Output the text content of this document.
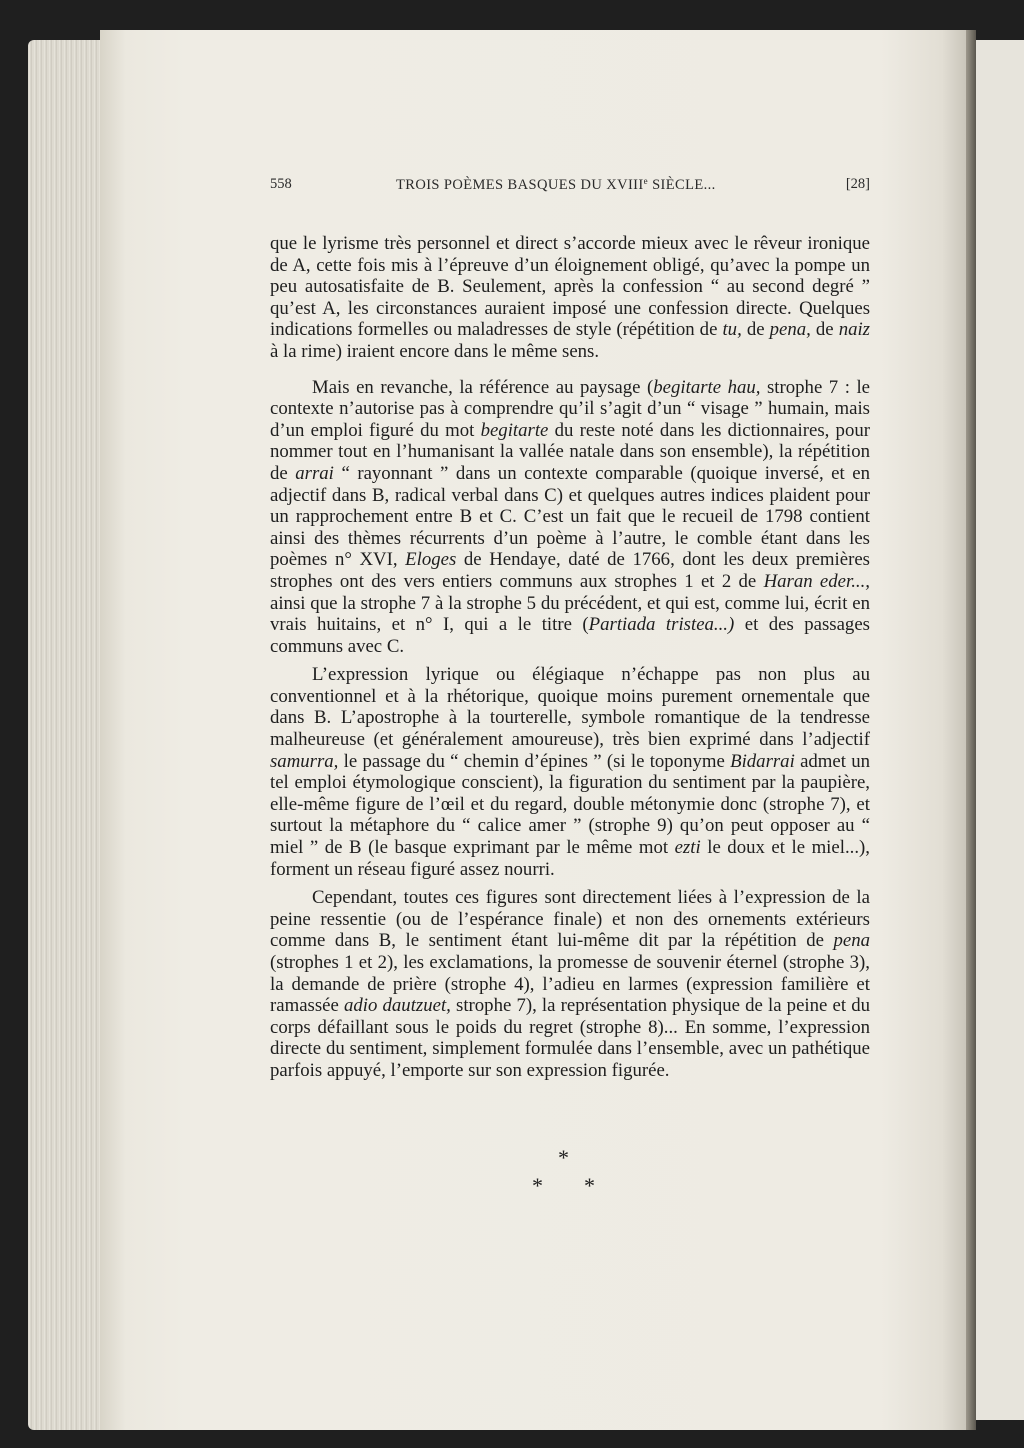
558	TROIS POÈMES BASQUES DU XVIIIe SIÈCLE...	[28]

que le lyrisme très personnel et direct s’accorde mieux avec le rêveur ironique de A, cette fois mis à l’épreuve d’un éloignement obligé, qu’avec la pompe un peu autosatisfaite de B. Seulement, après la confession “ au second degré ” qu’est A, les circonstances auraient imposé une confession directe. Quelques indications formelles ou maladresses de style (répétition de tu, de pena, de naiz à la rime) iraient encore dans le même sens.

Mais en revanche, la référence au paysage (begitarte hau, strophe 7 : le contexte n’autorise pas à comprendre qu’il s’agit d’un “ visage ” humain, mais d’un emploi figuré du mot begitarte du reste noté dans les dictionnaires, pour nommer tout en l’humanisant la vallée natale dans son ensemble), la répétition de arrai “ rayonnant ” dans un contexte comparable (quoique inversé, et en adjectif dans B, radical verbal dans C) et quelques autres indices plaident pour un rapprochement entre B et C. C’est un fait que le recueil de 1798 contient ainsi des thèmes récurrents d’un poème à l’autre, le comble étant dans les poèmes n° XVI, Eloges de Hendaye, daté de 1766, dont les deux premières strophes ont des vers entiers communs aux strophes 1 et 2 de Haran eder..., ainsi que la strophe 7 à la strophe 5 du précédent, et qui est, comme lui, écrit en vrais huitains, et n° I, qui a le titre (Partiada tristea...) et des passages communs avec C.

L’expression lyrique ou élégiaque n’échappe pas non plus au conventionnel et à la rhétorique, quoique moins purement ornementale que dans B. L’apostrophe à la tourterelle, symbole romantique de la tendresse malheureuse (et généralement amoureuse), très bien exprimé dans l’adjectif samurra, le passage du “ chemin d’épines ” (si le toponyme Bidarrai admet un tel emploi étymologique conscient), la figuration du sentiment par la paupière, elle-même figure de l’œil et du regard, double métonymie donc (strophe 7), et surtout la métaphore du “ calice amer ” (strophe 9) qu’on peut opposer au “ miel ” de B (le basque exprimant par le même mot ezti le doux et le miel...), forment un réseau figuré assez nourri.

Cependant, toutes ces figures sont directement liées à l’expression de la peine ressentie (ou de l’espérance finale) et non des ornements extérieurs comme dans B, le sentiment étant lui-même dit par la répétition de pena (strophes 1 et 2), les exclamations, la promesse de souvenir éternel (strophe 3), la demande de prière (strophe 4), l’adieu en larmes (expression familière et ramassée adio dautzuet, strophe 7), la représentation physique de la peine et du corps défaillant sous le poids du regret (strophe 8)... En somme, l’expression directe du sentiment, simplement formulée dans l’ensemble, avec un pathétique parfois appuyé, l’emporte sur son expression figurée.

*
* *
